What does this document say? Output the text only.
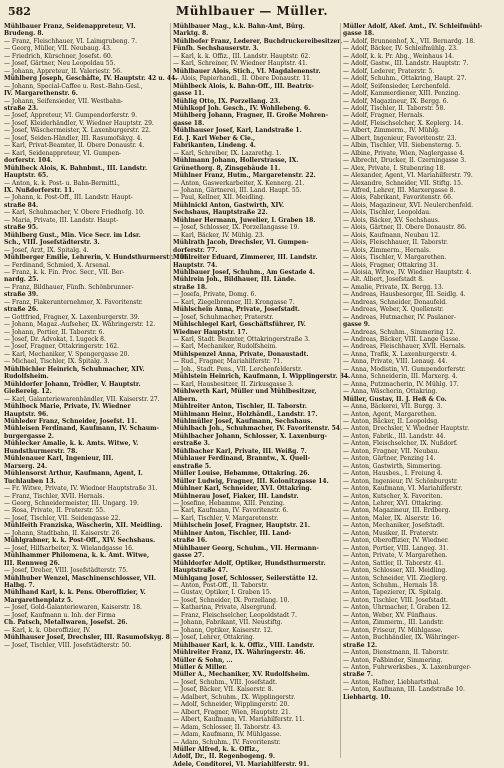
582	Mühlbauer — Müller.
Mühlbauer Franz, Seidenappreteur, VI.
Brudeng. 8.
— Franz, Fleischhauer, VI. Laimgrubeng. 7.
— Georg, Müller, VII. Neubaug. 43.
— Friedrich, Kürschner, Josefst. 60.
— Josef, Gärtner, Neu Leopoldau 55.
— Johann, Appreteur, II. Valeriestr. 56.
Mühlberg Joseph, Geschäfte, IV. Hauptstr. 42 u. 44.
— Johann, Special-Caffee u. Rest.-Bahn-Gesl.,
IV. Margarethenstr. 6.
— Johann, Seifensieder, VII. Westbahn-
straße 23.
— Josef, Appreteur, VI. Gumpendorferstr. 9.
— Josef, Kleiderhändler, V. Wiedner Hauptstr. 29.
— Josef, Wäschermeister, X. Laxenburgerstr. 22.
— Josef, Seiden-Händler, III. Rasumofskyg. 4.
— Karl, Privat-Beamter, II. Obere Donaustr. 4.
— Karl, Seidenappreteur, VI. Gumpen-
dorferstr. 104.
Mühlbeck Alois, K. Bahnbmt., III. Landstr.
Hauptstr. 65.
— Anton, k. k. Post- u. Bahn-Bermittl.,
IX. Nußdorferstr. 11.
— Johann, k. Post-Off., III. Landstr. Haupt-
straße 84.
— Karl, Schuhmacher, V. Obere Friedhofg. 10.
— Maria, Private, III. Landstr. Haupt-
straße 95.
Mühlberg Gust., Min. Vice Secr. im Ldsr.
Sch., VIII. Josefstädterstr. 3.
— Josef, Arzt, IX. Spitalg. 4.
Mühlberger Emilie, Lehrerin, V. Hundsthurmerstr. 106.
— Ferdinand, Schmied, X. Arsenal.
— Franz, k. k. Fin. Proc. Secr., VII. Ber-
nardg. 25.
— Franz, Bildhauer, Fünfh. Schönbrunner-
straße 39.
— Franz, Fiakerunternehmer, X. Favoritenstr.
straße 26.
— Gottfried, Fragner, X. Laxenburgerstr. 39.
— Johann, Magaz.-Aufseher, IX. Währingerstr. 12.
— Johann, Portier, II. Taborstr. 6.
— Josef, Dr. Advokat, I. Lugeck 8.
— Josef, Fragner, Ottakringerstr. 162.
— Karl, Mechaniker, V. Spengergasse 20.
— Michael, Tischler, IX. Spitalg. 3.
Mühlbichler Heinrich, Schuhmacher, XIV.
Rudolfsheim.
Mühldorfer Johann, Trödler, V. Hauptstr.
Gießereig. 12.
— Karl, Galanteriewarenhändler, VII. Kaiserstr. 27.
Mühlbock Marie, Private, IV. Wiedner
Hauptstr. 96.
Mühleder Franz, Schneider, Josefst. 11.
Mühleisen Ferdinand, Kaufmann, IV. Schaum-
burgergasse 2.
Mühlecker Amalie, k. k. Amts. Witwe, V.
Hundsthurmerstr. 78.
Mühlenauer Karl, Ingenieur, III.
Marxerg. 24.
Mühlensorst Arthur, Kaufmann, Agent, I.
Tuchlauben 13.
— Fr. Witwe, Private, IV. Wiedner Hauptstraße 31.
— Franz, Tischler, XVII. Hernals.
— Georg, Schneidermeister, III. Ungarg. 19.
— Rosa, Private, II. Praterstr. 55.
— Josef, Tischler, VII. Seidengasse 22.
Mühlfeith Franziska, Wäscherin, XII. Meidling.
— Johann, Stadtbahn, II. Kaiserstr. 26.
Mühlgrabner, k. k. Post-Off., XIV. Sechshaus.
— Josef, Hilfsarbeiter, X. Wielandgasse 16.
Mühlhammer Philomena, k. k. Amt. Witwe,
III. Rennweg 26.
— Josef, Dreher, VIII. Josefstädterstr. 75.
Mühlhuber Wenzel, Maschinenschlosser, VII.
Halbg. 7.
Mühlhand Karl, k. k. Pens. Oberoffizier, V.
Margarethenplatz 5.
— Josef, Gold-Galanteriewaren, Kaiserstr. 18.
— Josef, Kaufmann u. Inh. der Firma
Ch. Patsch, Metallwaren, Josefst. 26.
— Karl, k. k. Oberoffizier, IV.
Mühlhauser Josef, Drechsler, III. Rasumofskyg. 8.
— Josef, Tischler, VIII. Josefstädterstr. 50.
Mühlbauer Mag., k.k. Bahn-Amt, Bürg.
Marktg. 8.
Mühlbofer Franz, Lederer, Buchdruckereibesitzer,
Fünfh. Sechshauserstr. 3.
— Karl, k. k. Offiz., III. Landstr. Hauptstr. 62.
— Karl, Schreiner, IV. Wiedner Hauptstr. 41.
Mühlbauer Alois, Stich., VI. Magdalenenstr.
— Alois, Papierhandl., II. Obere Donaustr. 11.
Mühlbeck Alois, k. Bahn-Off., III. Beatrix-
gasse 11.
Mühlig Otto, IX. Porzellang. 23.
Mühlkopf Joh. Gesch., IV. Wohllebeng. 6.
Mühlberg Johann, Fragner, II. Große Mohren-
gasse 18.
Mühlhauser Josef, Karl, Landstraße 1.
Ed. J. Karl Weber & Cie.,
Fabrikanten, Lindeng. 4.
— Karl, Schreiber, IX. Lazarethg. 1.
Mühlmann Johann, Hollerstrasse, IX.
Grünethorg. 8, Zinsgebäude 11.
Mühlner Franz, Hutm., Margaretenstr. 22.
— Anton, Gaswerkarbeiter, X. Kennerg. 21.
— Johann, Gärtnerei, III. Land. Haupt. 55.
— Paul, Kellner, XII. Meidling.
Mühlnickl Anton, Gastwirth, XIV.
Sechshaus, Hauptstraße 22.
Mühlner Hermann, Juwelier, I. Graben 18.
— Josef, Schlosser, IX. Porzellangasse 19.
— Karl, Bäcker, IV. Mühlg. 23.
Mühlrath Jacob, Drechsler, VI. Gumpen-
dorferstr. 77.
Mühlreiter Eduard, Zimmerer, III. Landstr.
Hauptstr. 74.
Mühlbauer Josef, Schuhm., Am Gestade 4.
Mühlrein Joh., Bildhauer, III. Lände.
straße 18.
— Josefa, Private, Domg. 6.
— Karl, Ziegelbrenner, III. Krongasse 7.
Mühlschein Anna, Private, Josefstadt.
— Josef, Schuhmacher, Praterstr.
Mühlschlegel Karl, Geschäftsführer, IV.
Wiedner Hauptstr. 17.
— Karl, Stadt. Beamter, Ottakringerstraße 3.
— Karl, Mechaniker, Rudolfsheim.
Mühlspenzel Anna, Private, Donaustadt.
— Rud., Fragner, Mariahilferstr. 71.
— Joh., Stadt. Pens., VII. Lerchenfelderstr.
Mühlstein Heinrich, Kaufmann, I. Wipplingerstr. 34.
— Karl, Hausbesitzer, II. Zirkusgasse 3.
Mühlwerth Karl, Müller und Mühlbesitzer,
Albern.
Mühlreiter Anton, Tischler, II. Taborstr.
Mühlmann Heinr., Holzhändl., Landstr. 17.
Mühlmüller Josef, Kaufmann, Sechshaus.
Mühlbach Joh., Schuhmacher, IV. Favoritenstr. 54.
Mühlbacher Johann, Schlosser, X. Laxenburg-
erstraße 3.
Mühlbacher Karl, Private, III. Weißg. 7.
Mühlauer Ferdinand, Branntw., X. Quell-
enstraße 5.
Müller Louise, Hebamme, Ottakring. 26.
Müller Ludwig, Fragner, III. Kolonitzgasse 14.
Mühlner Karl, Schneider, XVI. Ottakring.
Mühlnerau Josef, Fiaker, III. Landstr.
— Josefine, Hebamme, XIII. Penzing.
— Karl, Kaufmann, IV. Favoritenstr. 6.
— Karl, Tischler, V. Margaretenstr.
Mühlschein Josef, Fragner, Hauptstr. 21.
Mühlner Anton, Tischler, III. Land-
straße 16.
Mühlbauer Georg, Schuhm., VII. Hermann-
gasse 27.
Mühldorfer Adolf, Optiker, Hundsthurmerstr.
Hauptstraße 47.
Mühlgang Josef, Schlosser, Seilerstätte 12.
— Anton, Post-Off., II. Taborstr.
— Gustav, Optiker, I. Graben 15.
— Josef, Schneider, IX. Porzellang. 10.
— Katharina, Private, Alsergrund.
— Franz, Fleischselcher, Leopoldstadt 7.
— Johann, Fabrikant, VII. Neustiftg.
— Johann, Optiker, Kaiserstr. 12.
— Josef, Lehrer, Ottakring.
Mühlbauer Karl, k. k. Offiz., VIII. Landstr.
Mühlreiter Franz, IX. Währingerstr. 46.
Müller & Sohn, ...
Müller & Miller.
Müller A., Mechaniker, XV. Rudolfsheim.
— Josef, Schuhm., VIII. Josefstadt.
— Josef, Bäcker, VII. Kaiserstr. 8.
— Adalbert, Schuhm., IX. Wipplingerstr.
— Adolf, Schneider, Wipplingerstr. 20.
— Albert, Fragner, Wien, Hauptstr. 21.
— Albert, Kaufmann, VI. Mariahilferstr. 11.
— Adam, Schlosser, II. Taborstr. 43.
— Adam, Kaufmann, IV. Mühlgasse.
— Adam, Schuhm., IV. Favoritenstr.
Müller Alfred, k. k. Offiz.,
Adolf, Dr., II. Regenbogeng. 9.
Adele, Conditorei, VI. Mariahilferstr. 91.
Müller Adolf, Akef. Amt., IV. Schleifmühl-
gasse 18.
— Adolf, Brunnenhof, X., VII. Bernardg. 18.
— Adolf, Bäcker, IV. Schleifmühlg. 23.
— Adolf, k. k. Pr. Abg., Weinhaus 14.
— Adolf, Gastw., III. Landstr. Hauptstr. 7.
— Adolf, Lederer, Praterstr. 5.
— Adolf, Schuhm., Ottakring, Haupt. 27.
— Adolf, Seifensieder, Lerchenfeld.
— Adolf, Kammerdiener, XIII. Penzing.
— Adolf, Magazineur, IX. Bergg. 6.
— Adolf, Tischler, II. Taborstr. 58.
— Adolf, Fragner, Hernals.
— Adolf, Fleischselcher, X. Keplerg. 14.
— Albert, Zimmerm., IV. Mühlg.
— Albert, Ingenieur, Favoritenstr. 23.
— Albin, Tischler, VII. Siebensterng. 5.
— Albine, Private, Wien, Naglergasse 4.
— Albrecht, Drucker, II. Czerningasse 3.
— Alex, Private, I. Stubenring 18.
— Alexander, Agent, VI. Mariahilferstr. 79.
— Alexandre, Schneider, VII. Stiftg. 15.
— Alfred, Lehrer, III. Marxergasse 8.
— Alois, Fabrikant, Favoritenstr. 66.
— Alois, Magazineur, XVI. Neulerchenfeld.
— Alois, Tischler, Leopoldau.
— Alois, Bäcker, XV. Sechshaus.
— Alois, Gärtner, II. Obere Donaustr. 86.
— Alois, Kaufmann, Neubau 12.
— Alois, Fleischhauer, II. Taborstr.
— Alois, Zimmerm., Hernals.
— Alois, Tischler, V. Margarethen.
— Alois, Fragner, Ottakring 31.
— Aloisia, Witwe, IV. Wiedner Hauptstr. 4.
— Alt. Albert, Josefstadt 8.
— Amalie, Private, IX. Bergg. 13.
— Andreas, Hausbesorger, III. Seidlg. 4.
— Andreas, Schneider, Donaufeld.
— Andreas, Weber, X. Quellenstr.
— Andreas, Hutmacher, IV. Paulaner-
gasse 9.
— Andreas, Schuhm., Simmering 12.
— Andreas, Bäcker, VIII. Lange Gasse.
— Andreas, Fleischhauer, XVII. Hernals.
— Anna, Trafik, X. Laxenburgerstr. 4.
— Anna, Private, VIII. Lenaug. 44.
— Anna, Modistin, VI. Gumpendorferstr.
— Anna, Schneiderin, III. Marxerg. 4.
— Anna, Putzmacherin, IV. Mühlg. 17.
— Anna, Wäscherin, Ottakring.
Müller, Gustav, II. J. Heß & Co.
— Anna, Bäckerei, VII. Burgg. 3.
— Anton, Agent, Margarethen.
— Anton, Bäcker, II. Leopoldsg.
— Anton, Drechsler, V. Wiedner Hauptstr.
— Anton, Fabrik., III. Landstr. 44.
— Anton, Fleischselcher, IX. Nußdorf.
— Anton, Fragner, VII. Neubau.
— Anton, Gärtner, Penzing 14.
— Anton, Gastwirth, Simmering.
— Anton, Hausbes., I. Freiung 4.
— Anton, Ingenieur, IV. Schönburgstr.
— Anton, Kaufmann, VI. Mariahilferstr.
— Anton, Kutscher, X. Favoriten.
— Anton, Lehrer, XVI. Ottakring.
— Anton, Magazineur, III. Erdberg.
— Anton, Maler, IX. Alserstr. 16.
— Anton, Mechaniker, Josefstadt.
— Anton, Musiker, II. Praterstr.
— Anton, Oberoffizier, IV. Wiedner.
— Anton, Portier, VIII. Langeg. 31.
— Anton, Private, V. Margarethen.
— Anton, Sattler, II. Taborstr. 41.
— Anton, Schlosser, XII. Meidling.
— Anton, Schneider, VII. Zieglerg.
— Anton, Schuhm., Hernals 18.
— Anton, Tapezierer, IX. Spitalg.
— Anton, Tischler, VIII. Josefstadt.
— Anton, Uhrmacher, I. Graben 12.
— Anton, Weber, XV. Fünfhaus.
— Anton, Zimmerm., III. Landstr.
— Anton, Friseur, IV. Mühlgasse.
— Anton, Buchhändler, IX. Währinger-
straße 12.
— Anton, Dienstmann, II. Taborstr.
— Anton, Faßbinder, Simmering.
— Anton, Fuhrwerksbes., X. Laxenburger-
straße 7.
— Anton, Hafner, Liebhartsthal.
— Anton, Kaufmann, III. Landstraße 10.
Liebhartg. 10.
